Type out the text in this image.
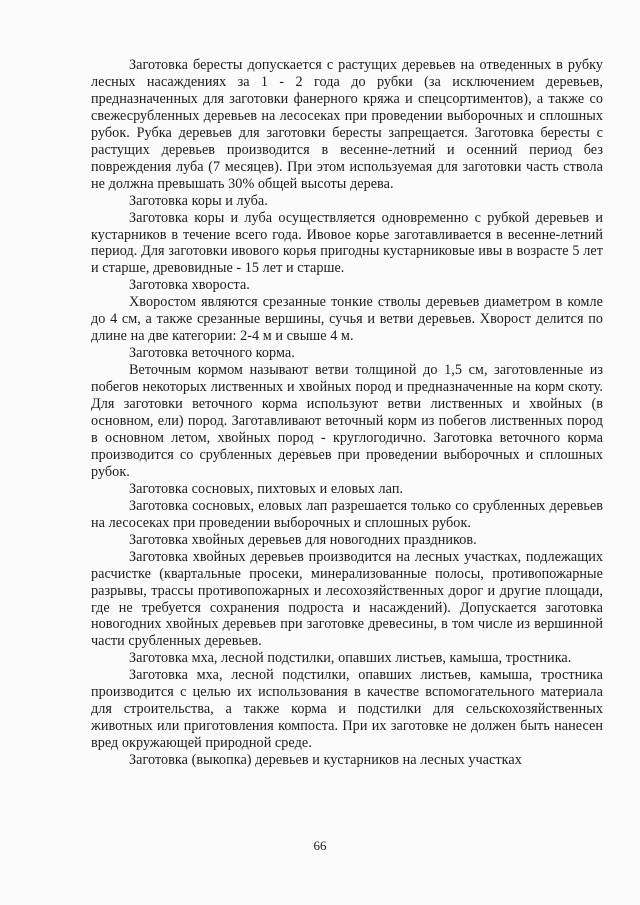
Заготовка бересты допускается с растущих деревьев на отведенных в рубку лесных насаждениях за 1 - 2 года до рубки (за исключением деревьев, предназначенных для заготовки фанерного кряжа и спецсортиментов), а также со свежесрубленных деревьев на лесосеках при проведении выборочных и сплошных рубок. Рубка деревьев для заготовки бересты запрещается. Заготовка бересты с растущих деревьев производится в весенне-летний и осенний период без повреждения луба (7 месяцев). При этом используемая для заготовки часть ствола не должна превышать 30% общей высоты дерева.

Заготовка коры и луба.

Заготовка коры и луба осуществляется одновременно с рубкой деревьев и кустарников в течение всего года. Ивовое корье заготавливается в весенне-летний период. Для заготовки ивового корья пригодны кустарниковые ивы в возрасте 5 лет и старше, древовидные - 15 лет и старше.

Заготовка хвороста.

Хворостом являются срезанные тонкие стволы деревьев диаметром в комле до 4 см, а также срезанные вершины, сучья и ветви деревьев. Хворост делится по длине на две категории: 2-4 м и свыше 4 м.

Заготовка веточного корма.

Веточным кормом называют ветви толщиной до 1,5 см, заготовленные из побегов некоторых лиственных и хвойных пород и предназначенные на корм скоту. Для заготовки веточного корма используют ветви лиственных и хвойных (в основном, ели) пород. Заготавливают веточный корм из побегов лиственных пород в основном летом, хвойных пород - круглогодично. Заготовка веточного корма производится со срубленных деревьев при проведении выборочных и сплошных рубок.

Заготовка сосновых, пихтовых и еловых лап.

Заготовка сосновых, еловых лап разрешается только со срубленных деревьев на лесосеках при проведении выборочных и сплошных рубок.

Заготовка хвойных деревьев для новогодних праздников.

Заготовка хвойных деревьев производится на лесных участках, подлежащих расчистке (квартальные просеки, минерализованные полосы, противопожарные разрывы, трассы противопожарных и лесохозяйственных дорог и другие площади, где не требуется сохранения подроста и насаждений). Допускается заготовка новогодних хвойных деревьев при заготовке древесины, в том числе из вершинной части срубленных деревьев.

Заготовка мха, лесной подстилки, опавших листьев, камыша, тростника.

Заготовка мха, лесной подстилки, опавших листьев, камыша, тростника производится с целью их использования в качестве вспомогательного материала для строительства, а также корма и подстилки для сельскохозяйственных животных или приготовления компоста. При их заготовке не должен быть нанесен вред окружающей природной среде.

Заготовка (выкопка) деревьев и кустарников на лесных участках

66
